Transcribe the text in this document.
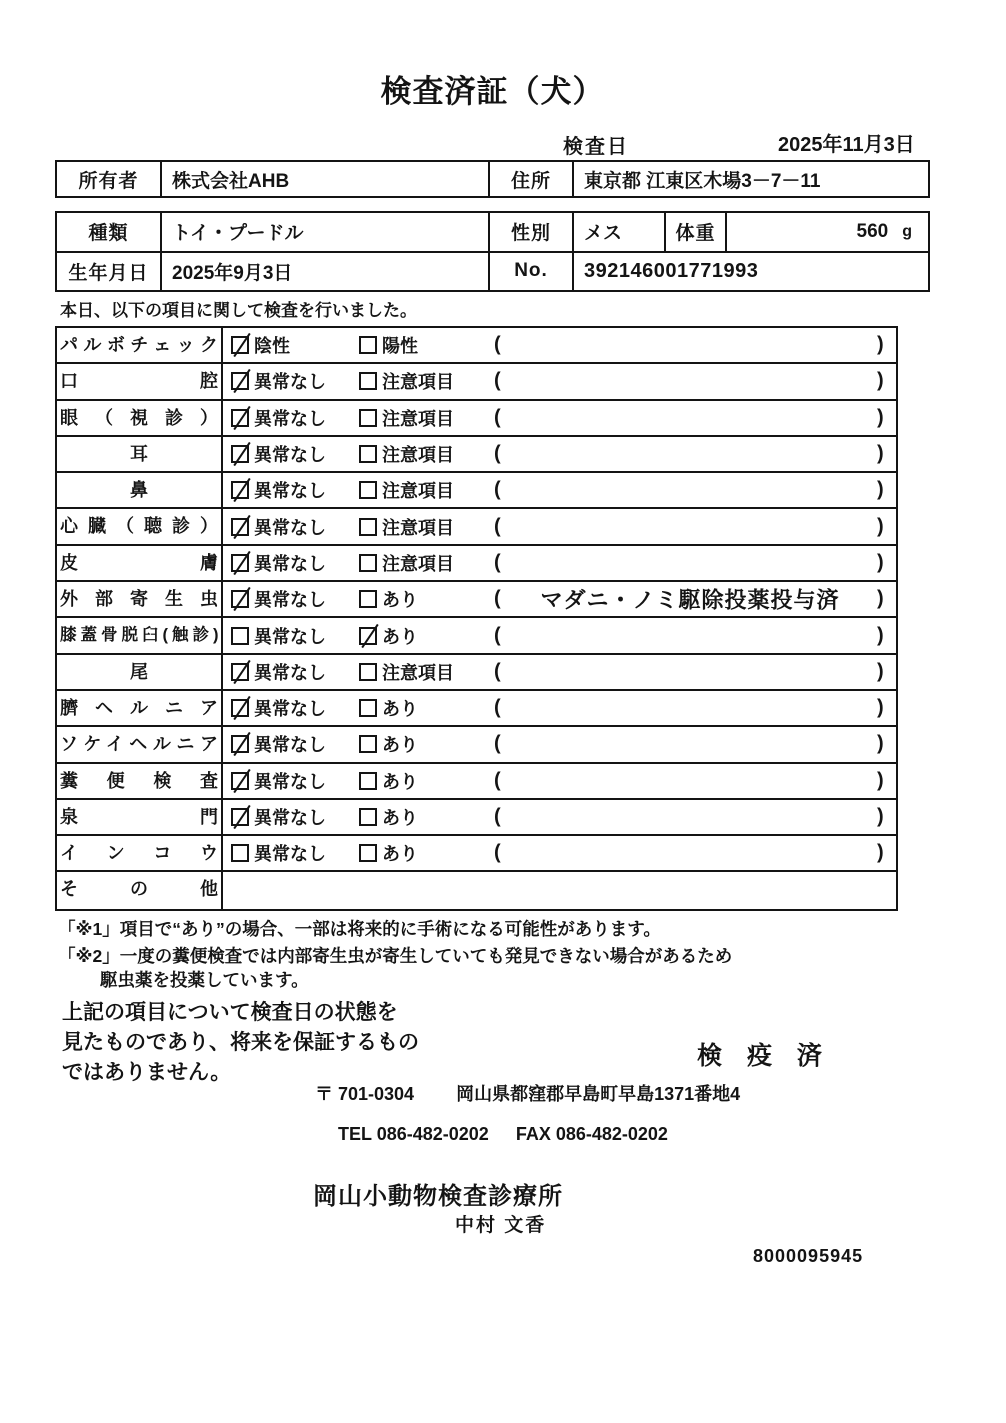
検査済証（犬）
検査日	2025年11月3日
所有者	株式会社AHB	住所	東京都 江東区木場3－7－11
種類	トイ・プードル	性別	メス	体重	560 g
生年月日	2025年9月3日	No.	392146001771993
本日、以下の項目に関して検査を行いました。
パルボチェック 陰性	陽性	(	)
口腔 異常なし	注意項目 (	)
眼（視診） 異常なし	注意項目 (	)
耳	異常なし	注意項目 (	)
鼻	異常なし	注意項目 (	)
心臓（聴診） 異常なし	注意項目 (	)
皮膚 異常なし	注意項目 (	)
外部寄生虫 異常なし	あり	(	マダニ・ノミ駆除投薬投与済	)
膝蓋骨脱臼(触診) 異常なし	あり	(	)
尾	異常なし	注意項目 (	)
臍ヘルニア 異常なし	あり	(	)
ソケイヘルニア 異常なし	あり	(	)
糞便検査 異常なし	あり	(	)
泉門 異常なし	あり	(	)
インコウ 異常なし	あり	(	)
その他
「※1」項目で“あり”の場合、一部は将来的に手術になる可能性があります。
「※2」一度の糞便検査では内部寄生虫が寄生していても発見できない場合があるため
駆虫薬を投薬しています。
上記の項目について検査日の状態を
見たものであり、将来を保証するもの
ではありません。
検 疫 済
〒 701-0304 岡山県都窪郡早島町早島1371番地4
TEL 086-482-0202 FAX 086-482-0202
岡山小動物検査診療所
中村 文香
8000095945
